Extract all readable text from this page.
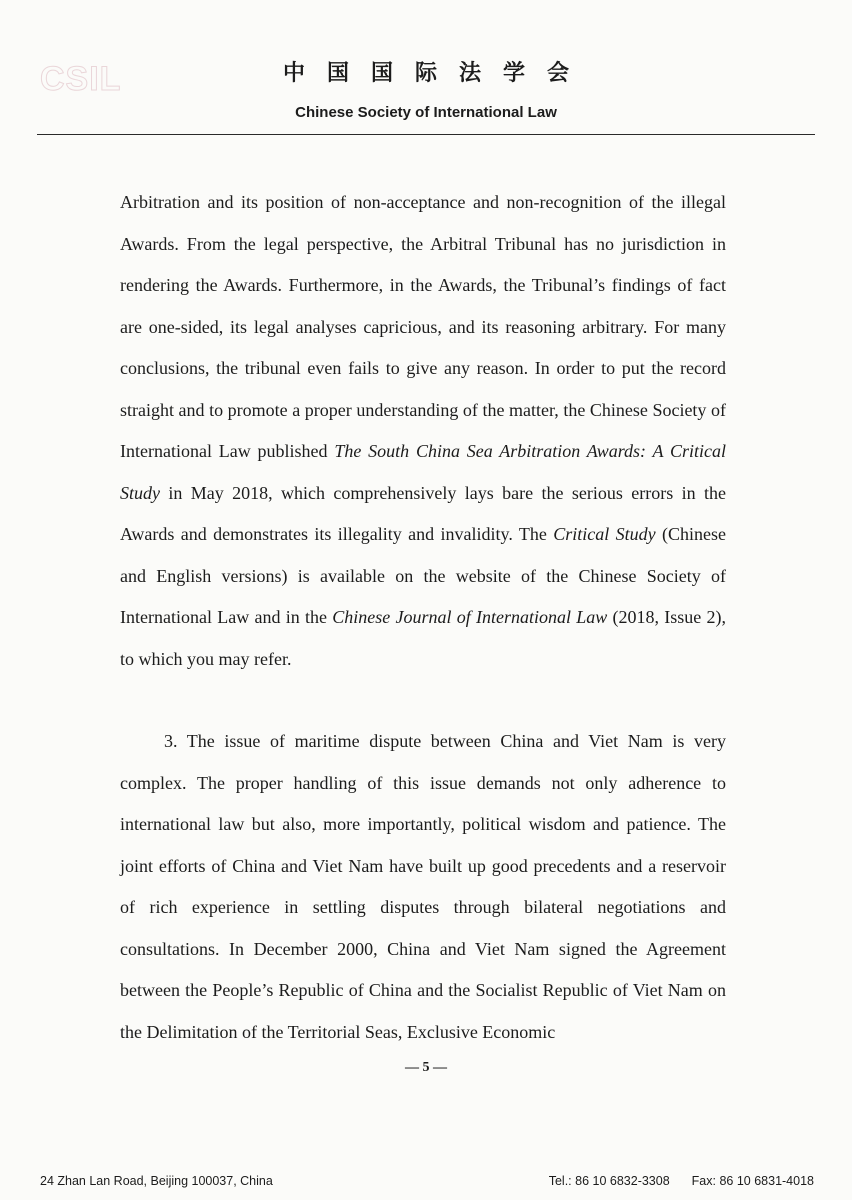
CSIL	中国国际法学会
Chinese Society of International Law

Arbitration and its position of non-acceptance and non-recognition of the illegal Awards. From the legal perspective, the Arbitral Tribunal has no jurisdiction in rendering the Awards. Furthermore, in the Awards, the Tribunal’s findings of fact are one-sided, its legal analyses capricious, and its reasoning arbitrary. For many conclusions, the tribunal even fails to give any reason. In order to put the record straight and to promote a proper understanding of the matter, the Chinese Society of International Law published The South China Sea Arbitration Awards: A Critical Study in May 2018, which comprehensively lays bare the serious errors in the Awards and demonstrates its illegality and invalidity. The Critical Study (Chinese and English versions) is available on the website of the Chinese Society of International Law and in the Chinese Journal of International Law (2018, Issue 2), to which you may refer.

3. The issue of maritime dispute between China and Viet Nam is very complex. The proper handling of this issue demands not only adherence to international law but also, more importantly, political wisdom and patience. The joint efforts of China and Viet Nam have built up good precedents and a reservoir of rich experience in settling disputes through bilateral negotiations and consultations. In December 2000, China and Viet Nam signed the Agreement between the People’s Republic of China and the Socialist Republic of Viet Nam on the Delimitation of the Territorial Seas, Exclusive Economic

— 5 —
24 Zhan Lan Road, Beijing 100037, China	Tel.: 86 10 6832-3308 Fax: 86 10 6831-4018
